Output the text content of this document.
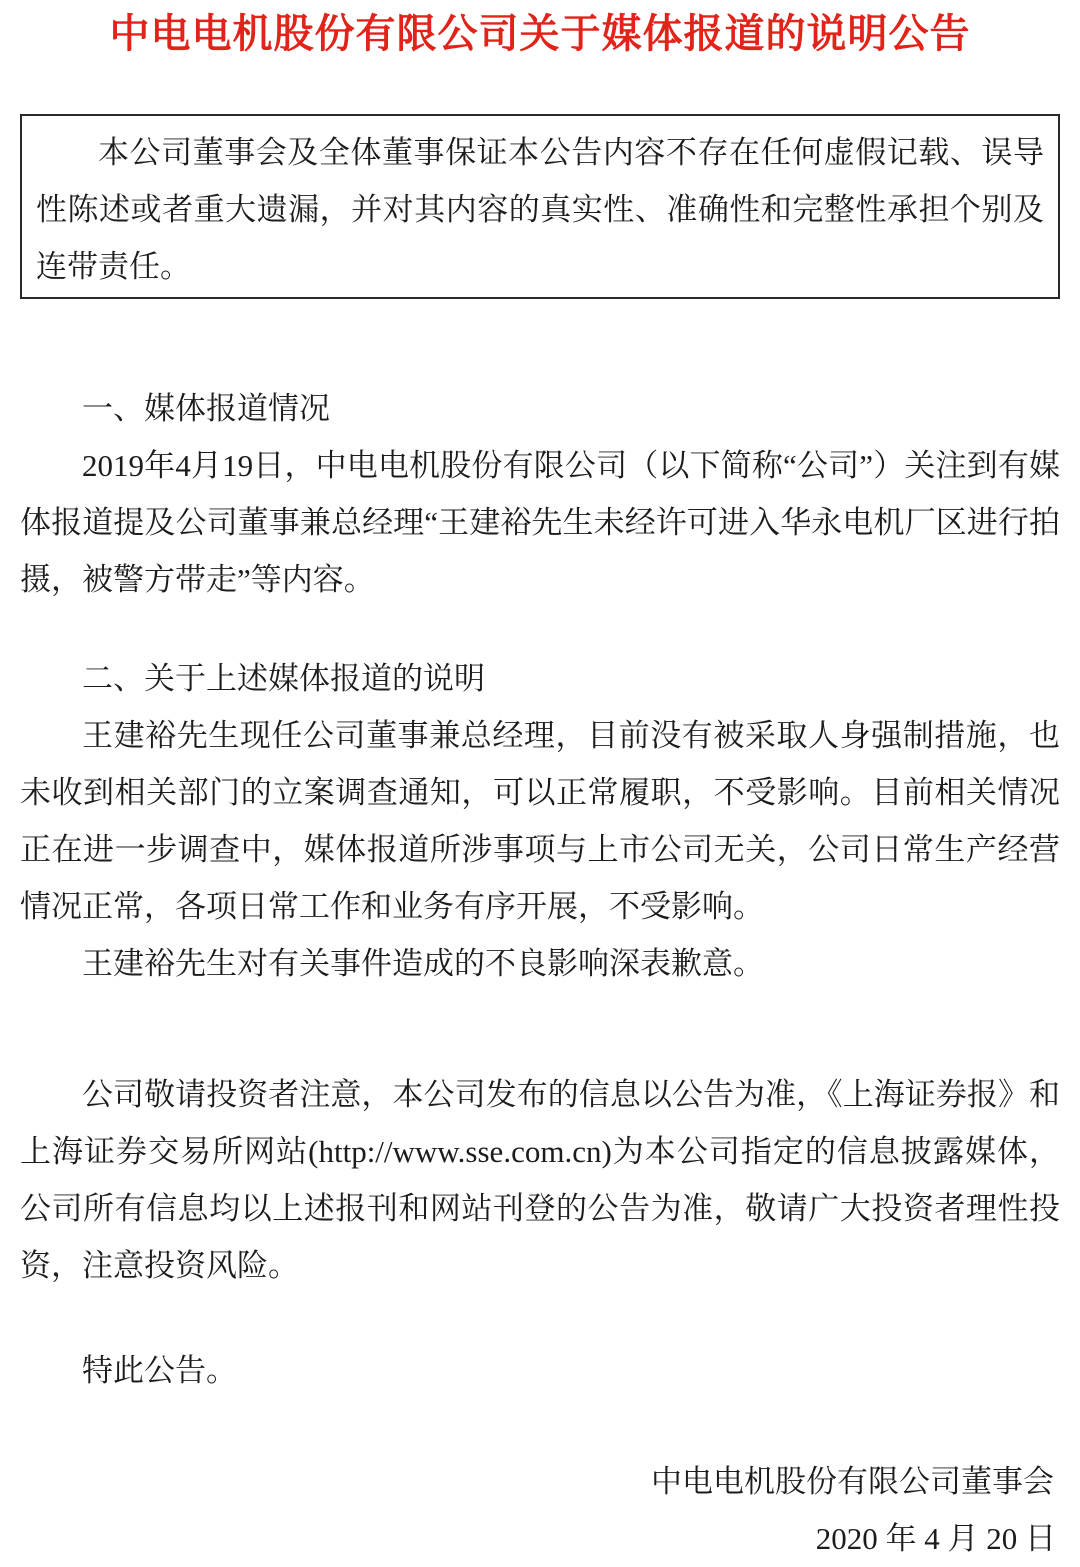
中电电机股份有限公司关于媒体报道的说明公告

本公司董事会及全体董事保证本公告内容不存在任何虚假记载、误导性陈述或者重大遗漏，并对其内容的真实性、准确性和完整性承担个别及连带责任。

一、媒体报道情况

2019年4月19日，中电电机股份有限公司（以下简称“公司”）关注到有媒体报道提及公司董事兼总经理“王建裕先生未经许可进入华永电机厂区进行拍摄，被警方带走”等内容。

二、关于上述媒体报道的说明

王建裕先生现任公司董事兼总经理，目前没有被采取人身强制措施，也未收到相关部门的立案调查通知，可以正常履职，不受影响。目前相关情况正在进一步调查中，媒体报道所涉事项与上市公司无关，公司日常生产经营情况正常，各项日常工作和业务有序开展，不受影响。

王建裕先生对有关事件造成的不良影响深表歉意。

公司敬请投资者注意，本公司发布的信息以公告为准，《上海证券报》和上海证券交易所网站(http://www.sse.com.cn)为本公司指定的信息披露媒体，公司所有信息均以上述报刊和网站刊登的公告为准，敬请广大投资者理性投资，注意投资风险。

特此公告。

中电电机股份有限公司董事会

2020 年 4 月 20 日
